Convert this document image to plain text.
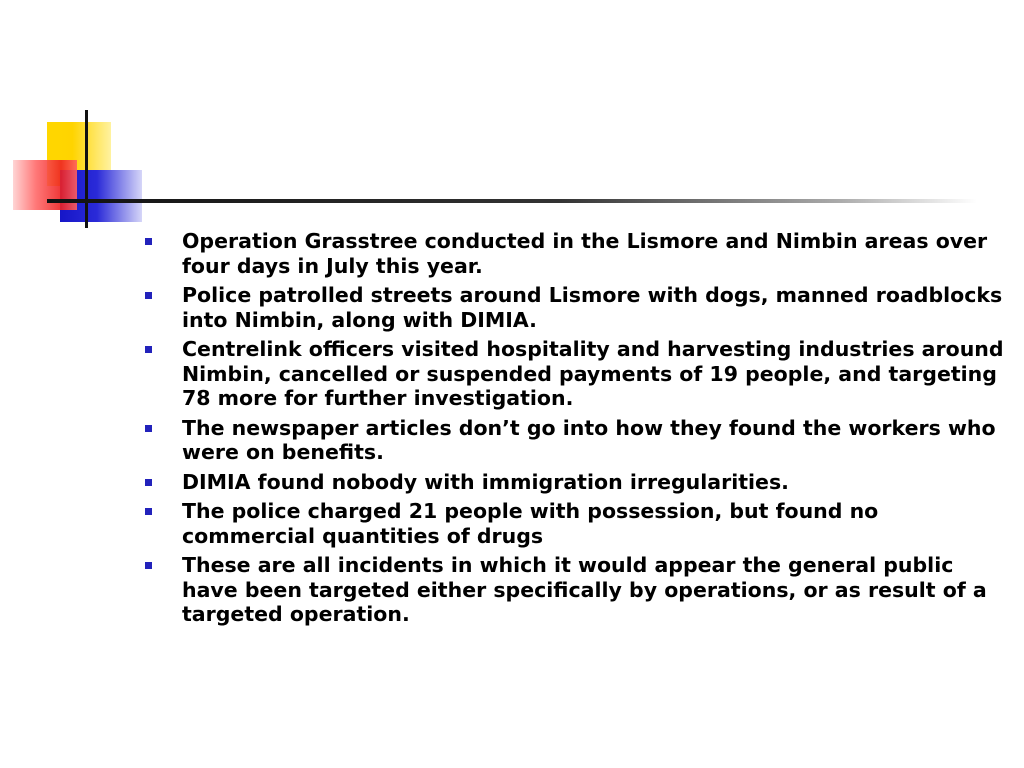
Operation Grasstree conducted in the Lismore and Nimbin areas over four days in July this year.
Police patrolled streets around Lismore with dogs, manned roadblocks into Nimbin, along with DIMIA.
Centrelink officers visited hospitality and harvesting industries around Nimbin, cancelled or suspended payments of 19 people, and targeting 78 more for further investigation.
The newspaper articles don’t go into how they found the workers who were on benefits.
DIMIA found nobody with immigration irregularities.
The police charged 21 people with possession, but found no commercial quantities of drugs
These are all incidents in which it would appear the general public have been targeted either specifically by operations, or as result of a targeted operation.
